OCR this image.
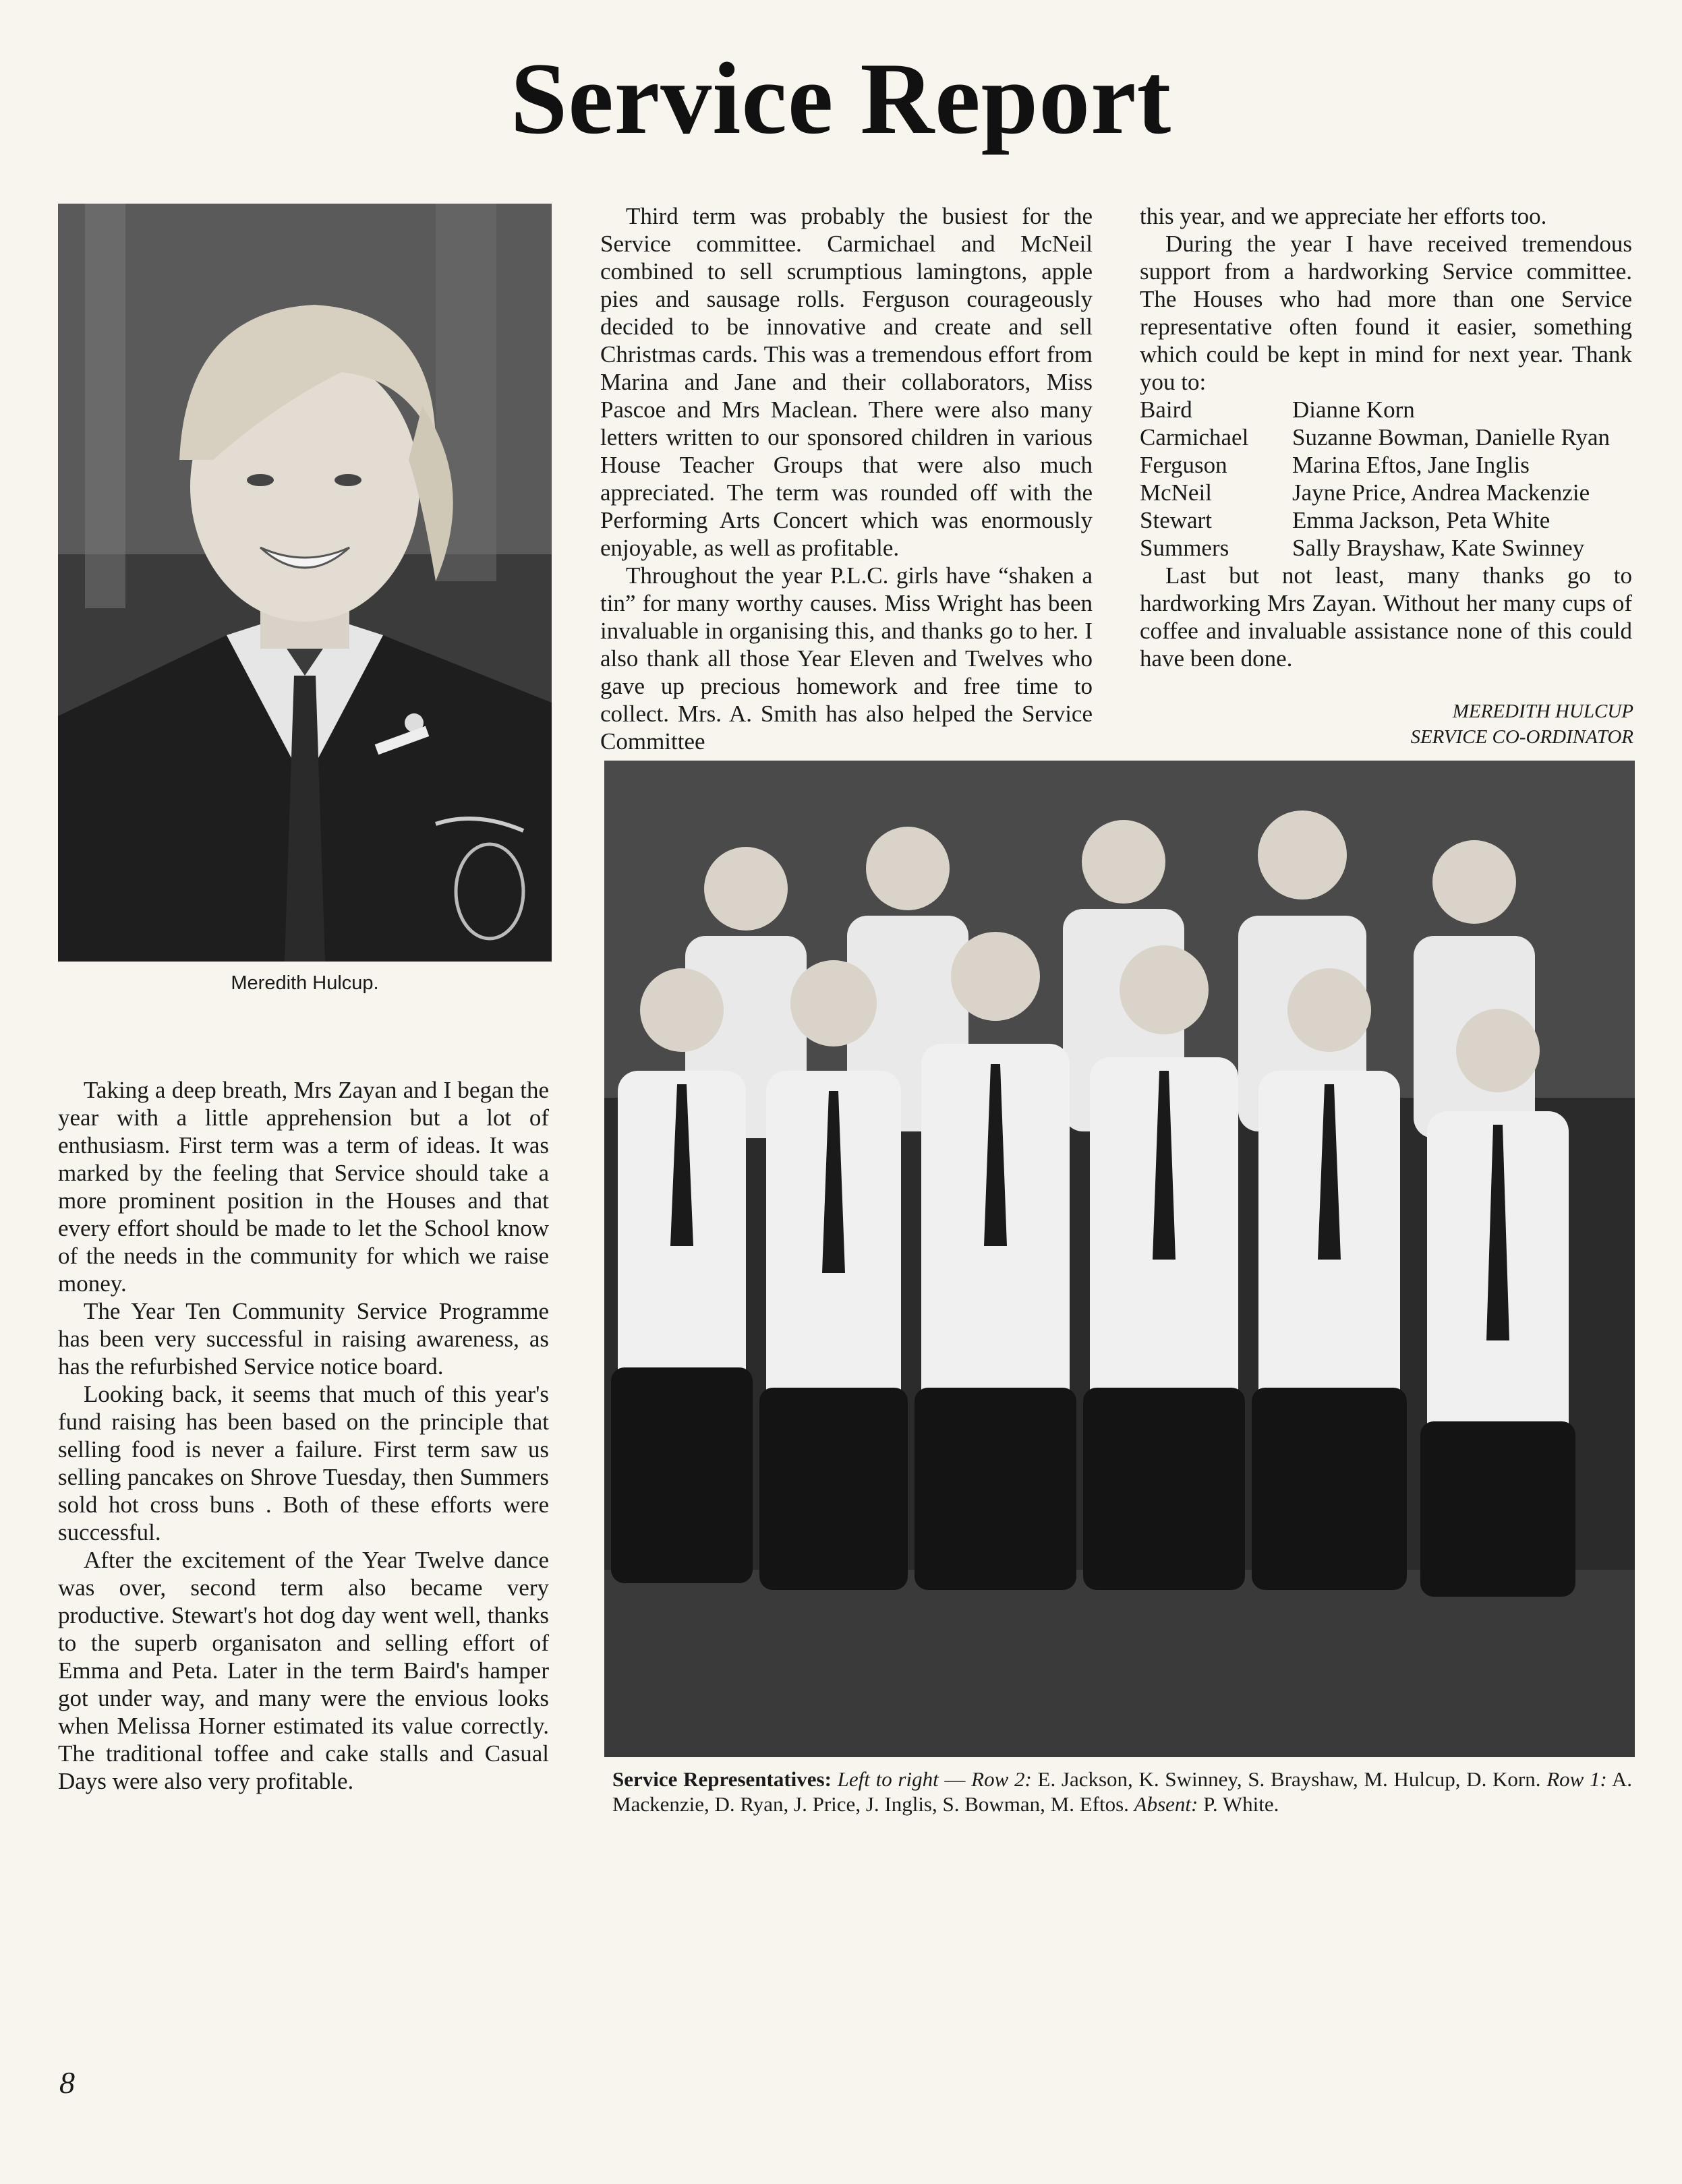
Service Report
Meredith Hulcup.

Taking a deep breath, Mrs Zayan and I began the year with a little apprehension but a lot of enthusiasm. First term was a term of ideas. It was marked by the feeling that Service should take a more prominent position in the Houses and that every effort should be made to let the School know of the needs in the community for which we raise money.

The Year Ten Community Service Programme has been very successful in raising awareness, as has the refurbished Service notice board.

Looking back, it seems that much of this year's fund raising has been based on the principle that selling food is never a failure. First term saw us selling pancakes on Shrove Tuesday, then Summers sold hot cross buns . Both of these efforts were successful.

After the excitement of the Year Twelve dance was over, second term also became very productive. Stewart's hot dog day went well, thanks to the superb organisaton and selling effort of Emma and Peta. Later in the term Baird's hamper got under way, and many were the envious looks when Melissa Horner estimated its value correctly. The traditional toffee and cake stalls and Casual Days were also very profitable.

Third term was probably the busiest for the Service committee. Carmichael and McNeil combined to sell scrumptious lamingtons, apple pies and sausage rolls. Ferguson courageously decided to be innovative and create and sell Christmas cards. This was a tremendous effort from Marina and Jane and their collaborators, Miss Pascoe and Mrs Maclean. There were also many letters written to our sponsored children in various House Teacher Groups that were also much appreciated. The term was rounded off with the Performing Arts Concert which was enormously enjoyable, as well as profitable.

Throughout the year P.L.C. girls have “shaken a tin” for many worthy causes. Miss Wright has been invaluable in organising this, and thanks go to her. I also thank all those Year Eleven and Twelves who gave up precious homework and free time to collect. Mrs. A. Smith has also helped the Service Committee

this year, and we appreciate her efforts too.

During the year I have received tremendous support from a hardworking Service committee. The Houses who had more than one Service representative often found it easier, something which could be kept in mind for next year. Thank you to:

Baird	Dianne Korn
Carmichael	Suzanne Bowman, Danielle Ryan
Ferguson	Marina Eftos, Jane Inglis
McNeil	Jayne Price, Andrea Mackenzie
Stewart	Emma Jackson, Peta White
Summers	Sally Brayshaw, Kate Swinney

Last but not least, many thanks go to hardworking Mrs Zayan. Without her many cups of coffee and invaluable assistance none of this could have been done.

MEREDITH HULCUP
SERVICE CO-ORDINATOR
Service Representatives: Left to right — Row 2: E. Jackson, K. Swinney, S. Brayshaw, M. Hulcup, D. Korn. Row 1: A. Mackenzie, D. Ryan, J. Price, J. Inglis, S. Bowman, M. Eftos. Absent: P. White.
8
